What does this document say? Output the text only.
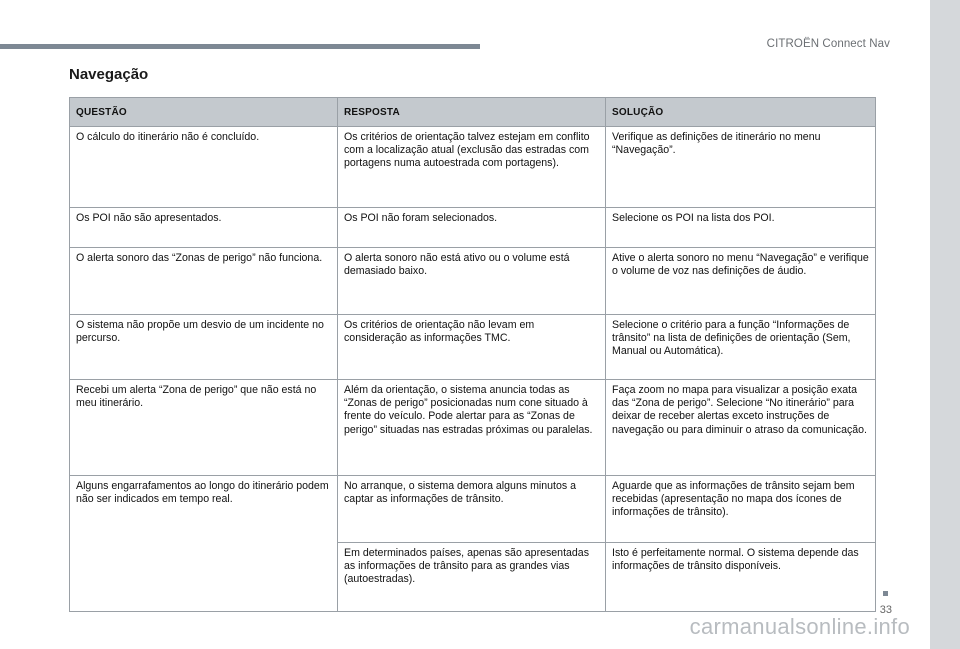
CITROËN Connect Nav
Navegação
QUESTÃO	RESPOSTA	SOLUÇÃO
O cálculo do itinerário não é concluído.	Os critérios de orientação talvez estejam em conflito com a localização atual (exclusão das estradas com portagens numa autoestrada com portagens).	Verifique as definições de itinerário no menu “Navegação”.
Os POI não são apresentados.	Os POI não foram selecionados.	Selecione os POI na lista dos POI.
O alerta sonoro das “Zonas de perigo” não funciona.	O alerta sonoro não está ativo ou o volume está demasiado baixo.	Ative o alerta sonoro no menu “Navegação” e verifique o volume de voz nas definições de áudio.
O sistema não propõe um desvio de um incidente no percurso.	Os critérios de orientação não levam em consideração as informações TMC.	Selecione o critério para a função “Informações de trânsito” na lista de definições de orientação (Sem, Manual ou Automática).
Recebi um alerta “Zona de perigo” que não está no meu itinerário.	Além da orientação, o sistema anuncia todas as “Zonas de perigo” posicionadas num cone situado à frente do veículo. Pode alertar para as “Zonas de perigo” situadas nas estradas próximas ou paralelas.	Faça zoom no mapa para visualizar a posição exata das “Zona de perigo”. Selecione “No itinerário” para deixar de receber alertas exceto instruções de navegação ou para diminuir o atraso da comunicação.
Alguns engarrafamentos ao longo do itinerário podem não ser indicados em tempo real.	No arranque, o sistema demora alguns minutos a captar as informações de trânsito.	Aguarde que as informações de trânsito sejam bem recebidas (apresentação no mapa dos ícones de informações de trânsito).
	Em determinados países, apenas são apresentadas as informações de trânsito para as grandes vias (autoestradas).	Isto é perfeitamente normal. O sistema depende das informações de trânsito disponíveis.
33
carmanualsonline.info
